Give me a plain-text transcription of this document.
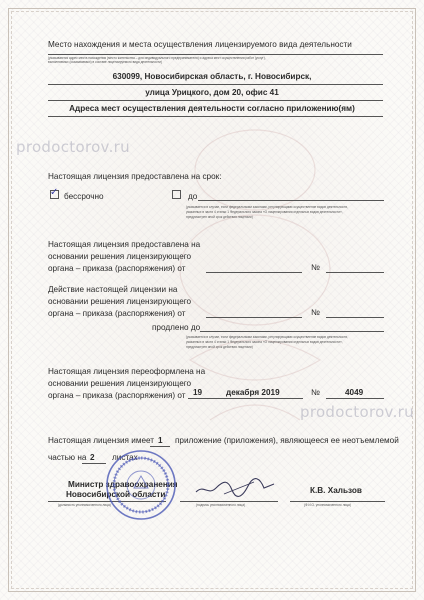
prodoctorov.ru
prodoctorov.ru
Место нахождения и места осуществления лицензируемого вида деятельности
(указываются адрес места нахождения (место жительства – для индивидуального предпринимателя) и адреса мест осуществления работ (услуг),
выполняемых (оказываемых) в составе лицензируемого вида деятельности)
630099, Новосибирская область, г. Новосибирск,
улица Урицкого, дом 20, офис 41
Адреса мест осуществления деятельности согласно приложению(ям)
Настоящая лицензия предоставлена на срок:
✓ бессрочно	до
(указывается в случае, если федеральными законами, регулирующими осуществление видов деятельности,
указанных в части 4 статьи 1 Федерального закона «О лицензировании отдельных видов деятельности»,
предусмотрен иной срок действия лицензии)
Настоящая лицензия предоставлена на
основании решения лицензирующего
органа – приказа (распоряжения) от	№
Действие настоящей лицензии на
основании решения лицензирующего
органа – приказа (распоряжения) от	№
продлено до
(указывается в случае, если федеральными законами, регулирующими осуществление видов деятельности,
указанных в части 4 статьи 1 Федерального закона «О лицензировании отдельных видов деятельности»,
предусмотрен иной срок действия лицензии)
Настоящая лицензия переоформлена на
основании решения лицензирующего
органа – приказа (распоряжения) от 19	декабря 2019	№	4049
Настоящая лицензия имеет 1 приложение (приложения), являющееся ее неотъемлемой
частью на 2 листах
Министр здравоохранения
Новосибирской области
(должность уполномоченного лица)	(подпись уполномоченного лица)
К.В. Хальзов
(Ф.И.О. уполномоченного лица)
